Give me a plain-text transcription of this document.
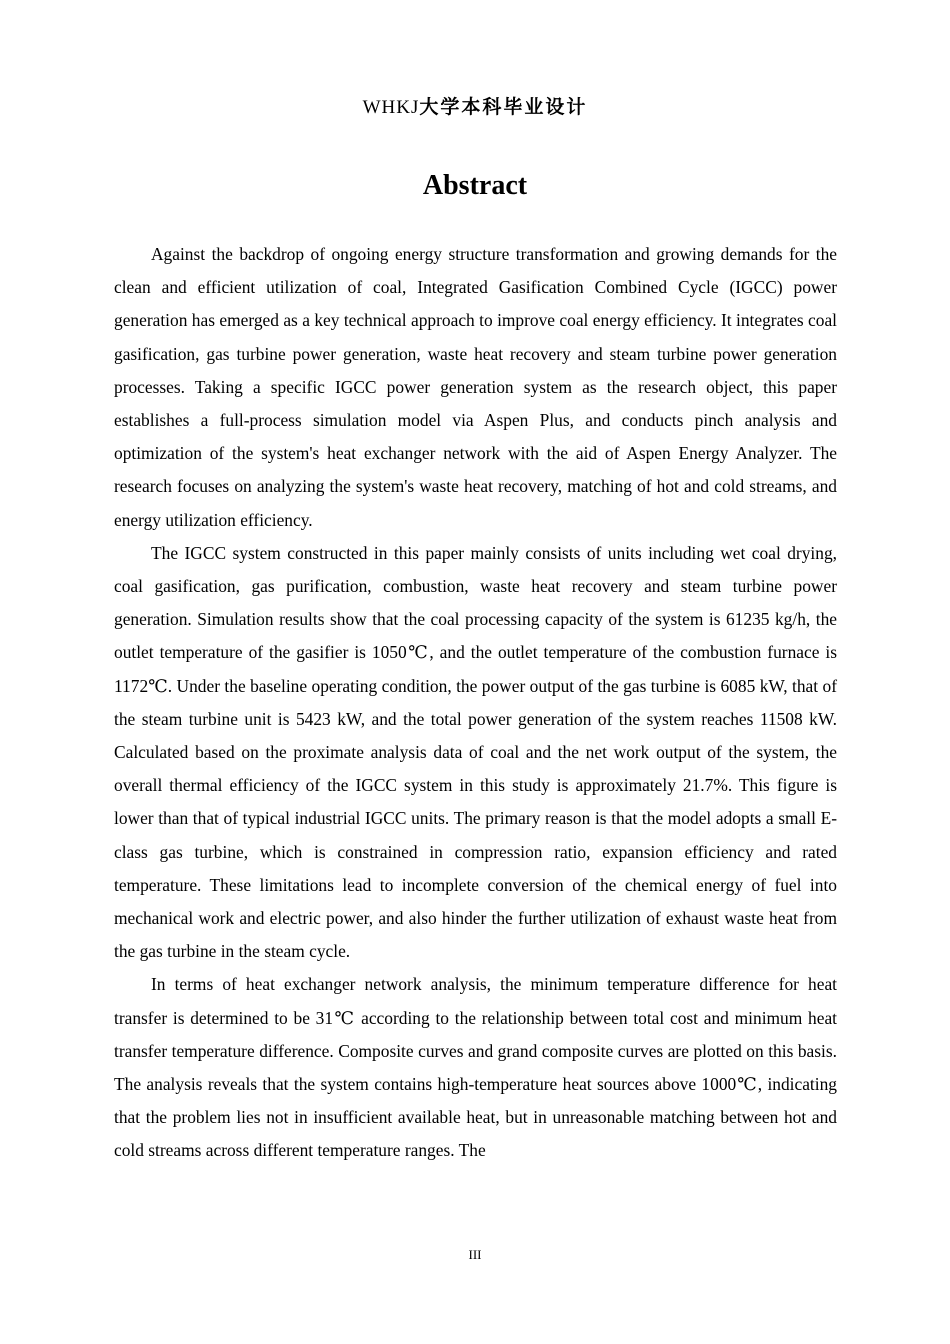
WHKJ大学本科毕业设计
Abstract

Against the backdrop of ongoing energy structure transformation and growing demands for the clean and efficient utilization of coal, Integrated Gasification Combined Cycle (IGCC) power generation has emerged as a key technical approach to improve coal energy efficiency. It integrates coal gasification, gas turbine power generation, waste heat recovery and steam turbine power generation processes. Taking a specific IGCC power generation system as the research object, this paper establishes a full-process simulation model via Aspen Plus, and conducts pinch analysis and optimization of the system's heat exchanger network with the aid of Aspen Energy Analyzer. The research focuses on analyzing the system's waste heat recovery, matching of hot and cold streams, and energy utilization efficiency.

The IGCC system constructed in this paper mainly consists of units including wet coal drying, coal gasification, gas purification, combustion, waste heat recovery and steam turbine power generation. Simulation results show that the coal processing capacity of the system is 61235 kg/h, the outlet temperature of the gasifier is 1050℃, and the outlet temperature of the combustion furnace is 1172℃. Under the baseline operating condition, the power output of the gas turbine is 6085 kW, that of the steam turbine unit is 5423 kW, and the total power generation of the system reaches 11508 kW. Calculated based on the proximate analysis data of coal and the net work output of the system, the overall thermal efficiency of the IGCC system in this study is approximately 21.7%. This figure is lower than that of typical industrial IGCC units. The primary reason is that the model adopts a small E-class gas turbine, which is constrained in compression ratio, expansion efficiency and rated temperature. These limitations lead to incomplete conversion of the chemical energy of fuel into mechanical work and electric power, and also hinder the further utilization of exhaust waste heat from the gas turbine in the steam cycle.

In terms of heat exchanger network analysis, the minimum temperature difference for heat transfer is determined to be 31℃ according to the relationship between total cost and minimum heat transfer temperature difference. Composite curves and grand composite curves are plotted on this basis. The analysis reveals that the system contains high-temperature heat sources above 1000℃, indicating that the problem lies not in insufficient available heat, but in unreasonable matching between hot and cold streams across different temperature ranges. The

III
